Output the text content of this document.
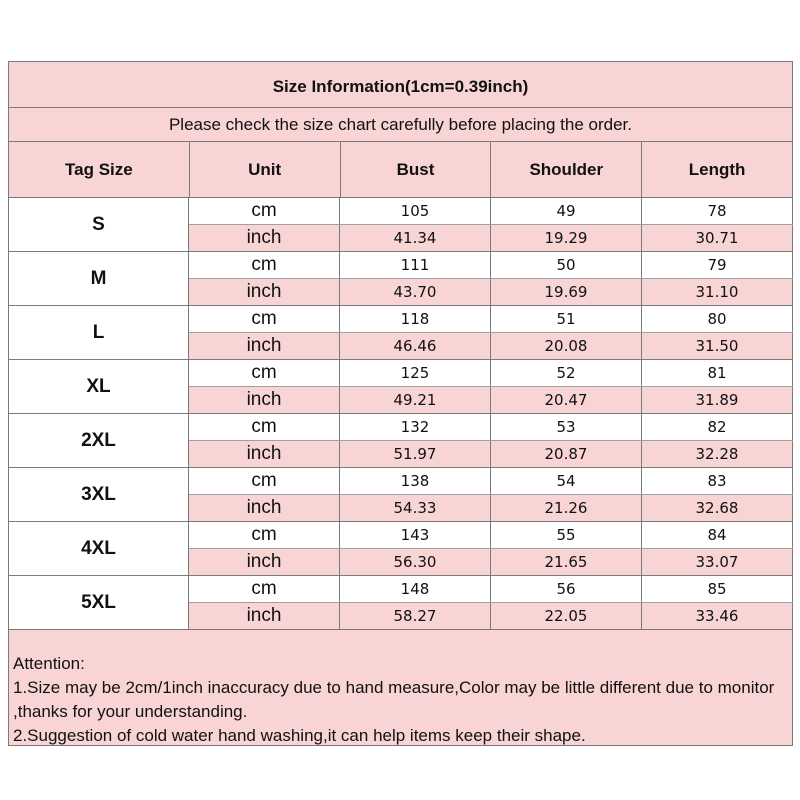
Size Information(1cm=0.39inch)
Please check the size chart carefully before placing the order.
Tag Size	Unit	Bust	Shoulder	Length
S
cm	105	49	78
inch	41.34	19.29	30.71
M
cm	111	50	79
inch	43.70	19.69	31.10
L
cm	118	51	80
inch	46.46	20.08	31.50
XL
cm	125	52	81
inch	49.21	20.47	31.89
2XL
cm	132	53	82
inch	51.97	20.87	32.28
3XL
cm	138	54	83
inch	54.33	21.26	32.68
4XL
cm	143	55	84
inch	56.30	21.65	33.07
5XL
cm	148	56	85
inch	58.27	22.05	33.46

Attention:

1.Size may be 2cm/1inch inaccuracy due to hand measure,Color may be little different due to monitor ,thanks for your understanding.

2.Suggestion of cold water hand washing,it can help items keep their shape.
